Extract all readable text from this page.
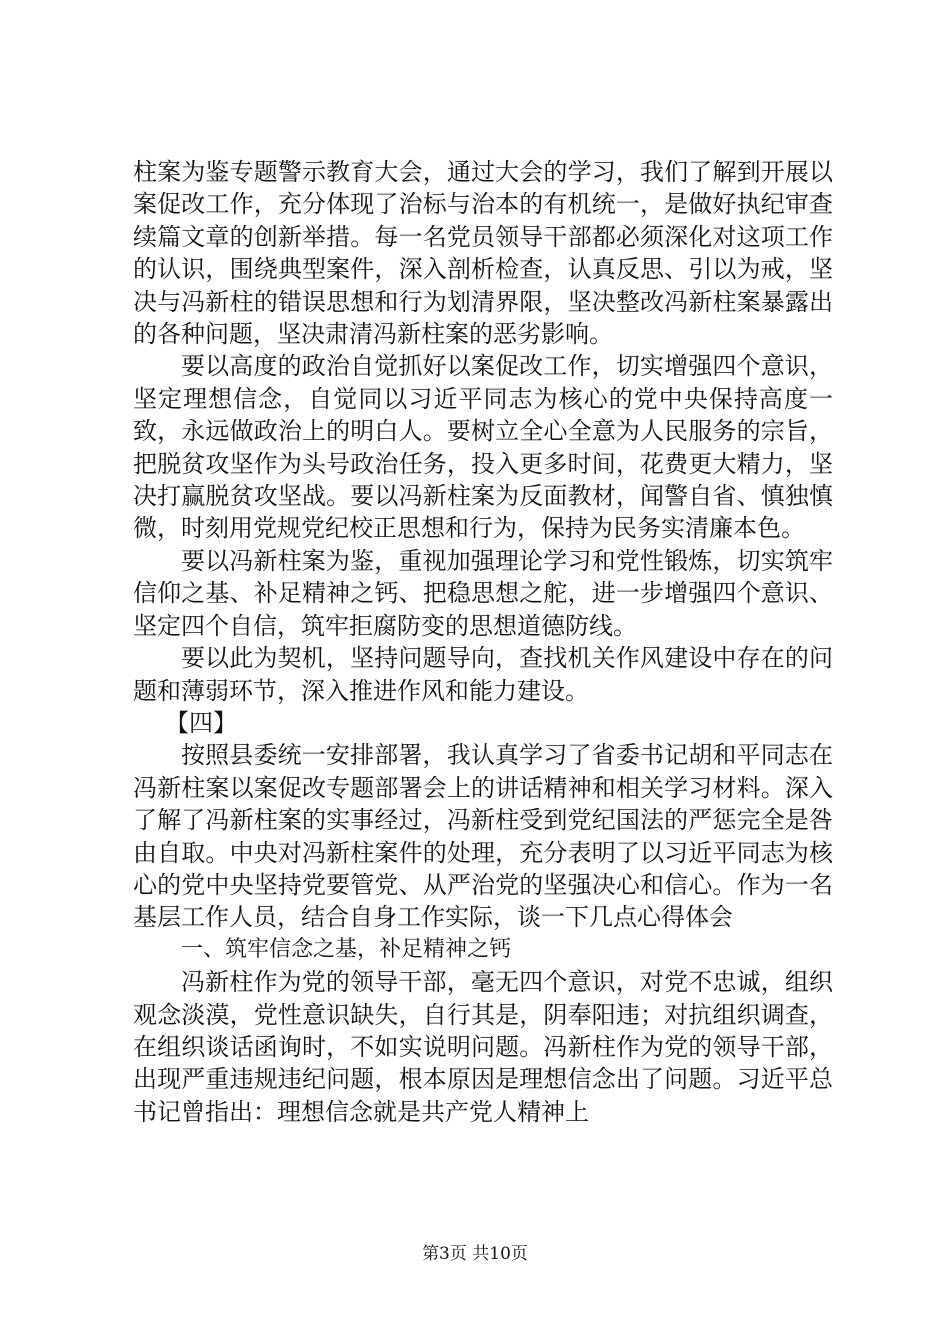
柱案为鉴专题警示教育大会，通过大会的学习，我们了解到开展以案促改工作，充分体现了治标与治本的有机统一，是做好执纪审查续篇文章的创新举措。每一名党员领导干部都必须深化对这项工作的认识，围绕典型案件，深入剖析检查，认真反思、引以为戒，坚决与冯新柱的错误思想和行为划清界限，坚决整改冯新柱案暴露出的各种问题，坚决肃清冯新柱案的恶劣影响。

要以高度的政治自觉抓好以案促改工作，切实增强四个意识，坚定理想信念，自觉同以习近平同志为核心的党中央保持高度一致，永远做政治上的明白人。要树立全心全意为人民服务的宗旨，把脱贫攻坚作为头号政治任务，投入更多时间，花费更大精力，坚决打赢脱贫攻坚战。要以冯新柱案为反面教材，闻警自省、慎独慎微，时刻用党规党纪校正思想和行为，保持为民务实清廉本色。

要以冯新柱案为鉴，重视加强理论学习和党性锻炼，切实筑牢信仰之基、补足精神之钙、把稳思想之舵，进一步增强四个意识、坚定四个自信，筑牢拒腐防变的思想道德防线。

要以此为契机，坚持问题导向，查找机关作风建设中存在的问题和薄弱环节，深入推进作风和能力建设。

【四】

按照县委统一安排部署，我认真学习了省委书记胡和平同志在冯新柱案以案促改专题部署会上的讲话精神和相关学习材料。深入了解了冯新柱案的实事经过，冯新柱受到党纪国法的严惩完全是咎由自取。中央对冯新柱案件的处理，充分表明了以习近平同志为核心的党中央坚持党要管党、从严治党的坚强决心和信心。作为一名基层工作人员，结合自身工作实际，谈一下几点心得体会

一、筑牢信念之基，补足精神之钙

冯新柱作为党的领导干部，毫无四个意识，对党不忠诚，组织观念淡漠，党性意识缺失，自行其是，阴奉阳违；对抗组织调查，在组织谈话函询时，不如实说明问题。冯新柱作为党的领导干部，出现严重违规违纪问题，根本原因是理想信念出了问题。习近平总书记曾指出：理想信念就是共产党人精神上

第3页 共10页
